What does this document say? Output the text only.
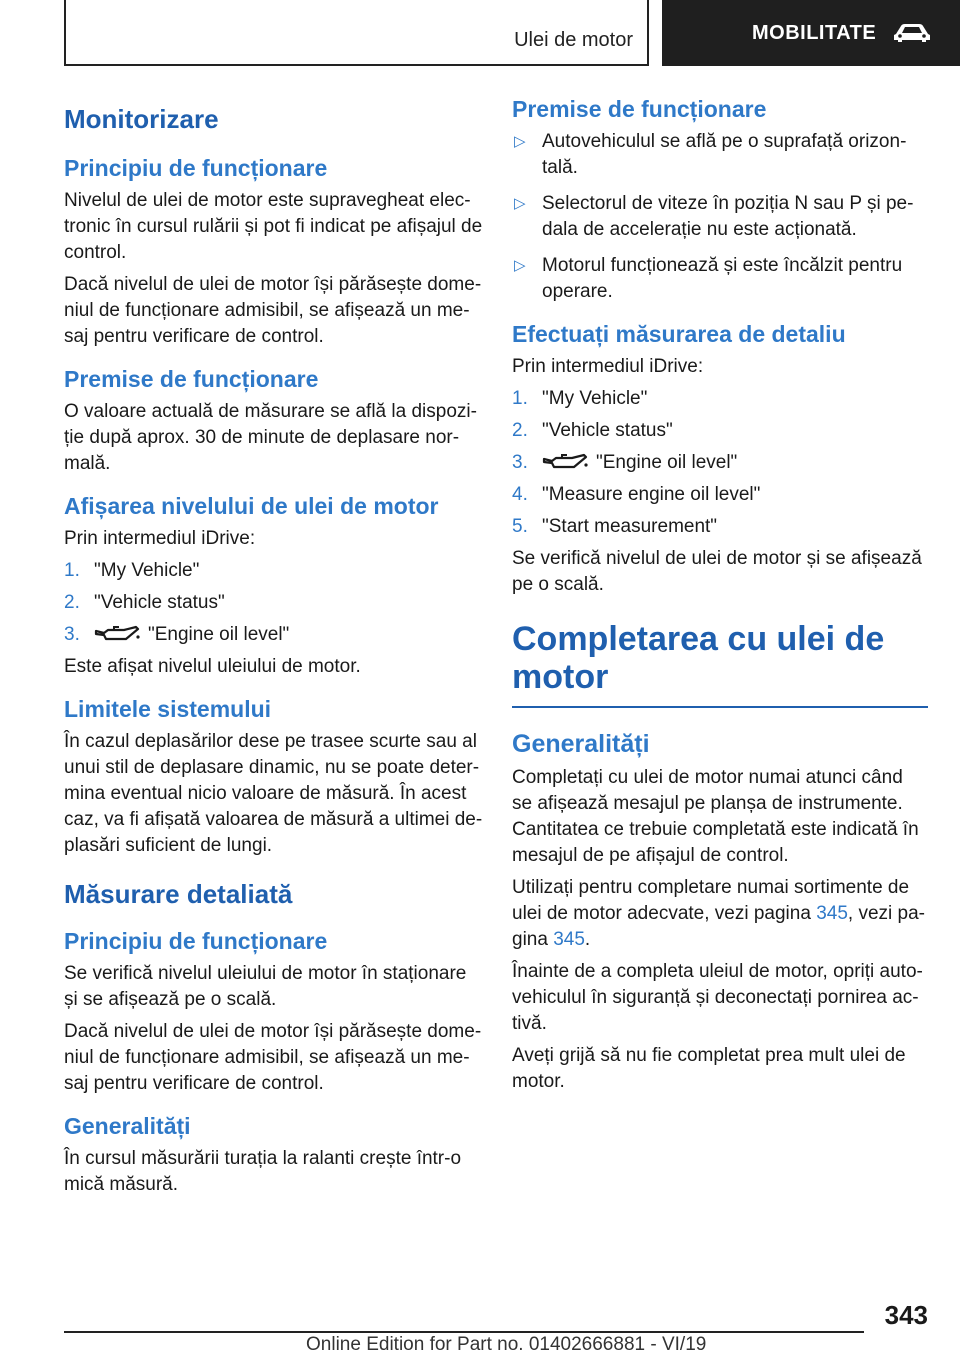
Ulei de motor	MOBILITATE
Monitorizare
Principiu de funcționare

Nivelul de ulei de motor este supravegheat electronic în cursul rulării și pot fi indicat pe afișajul de control.

Dacă nivelul de ulei de motor își părăsește domeniul de funcționare admisibil, se afișează un mesaj pentru verificare de control.

Premise de funcționare

O valoare actuală de măsurare se află la dispoziție după aprox. 30 de minute de deplasare normală.

Afișarea nivelului de ulei de motor

Prin intermediul iDrive:

1. "My Vehicle"
2. "Vehicle status"
3.	"Engine oil level"

Este afișat nivelul uleiului de motor.

Limitele sistemului

În cazul deplasărilor dese pe trasee scurte sau al unui stil de deplasare dinamic, nu se poate determina eventual nicio valoare de măsură. În acest caz, va fi afișată valoarea de măsură a ultimei deplasări suficient de lungi.

Măsurare detaliată
Principiu de funcționare

Se verifică nivelul uleiului de motor în staționare și se afișează pe o scală.

Dacă nivelul de ulei de motor își părăsește domeniul de funcționare admisibil, se afișează un mesaj pentru verificare de control.

Generalități

În cursul măsurării turația la ralanti crește într-o mică măsură.

Premise de funcționare
▷ Autovehiculul se află pe o suprafață orizontală.
▷ Selectorul de viteze în poziția N sau P și pedala de accelerație nu este acționată.
▷ Motorul funcționează și este încălzit pentru operare.
Efectuați măsurarea de detaliu

Prin intermediul iDrive:

1. "My Vehicle"
2. "Vehicle status"
3.	"Engine oil level"
4. "Measure engine oil level"
5. "Start measurement"

Se verifică nivelul de ulei de motor și se afișează pe o scală.

Completarea cu ulei de motor
Generalități

Completați cu ulei de motor numai atunci când se afișează mesajul pe planșa de instrumente. Cantitatea ce trebuie completată este indicată în mesajul de pe afișajul de control.

Utilizați pentru completare numai sortimente de ulei de motor adecvate, vezi pagina 345, vezi pagina 345.

Înainte de a completa uleiul de motor, opriți autovehiculul în siguranță și deconectați pornirea activă.

Aveți grijă să nu fie completat prea mult ulei de motor.

343
Online Edition for Part no. 01402666881 - VI/19
